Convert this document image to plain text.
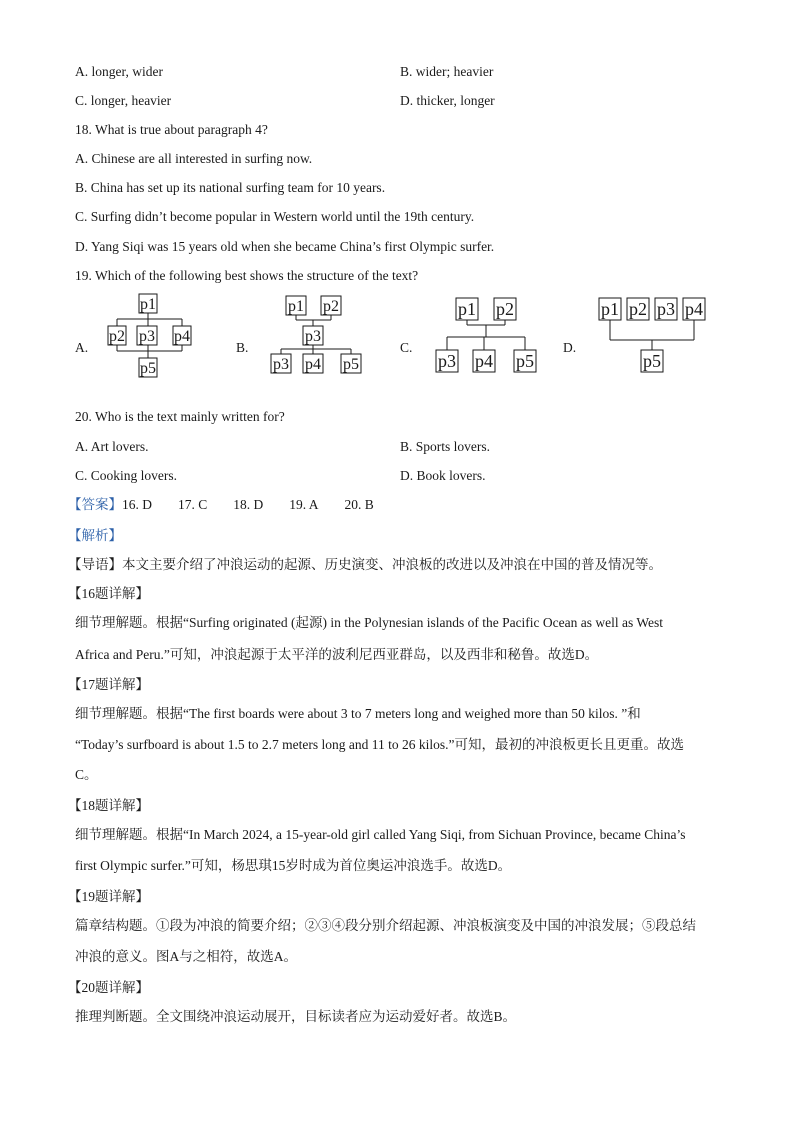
A. longer, wider	B. wider; heavier
C. longer, heavier	D. thicker, longer
18. What is true about paragraph 4?
A. Chinese are all interested in surfing now.
B. China has set up its national surfing team for 10 years.
C. Surfing didn’t become popular in Western world until the 19th century.
D. Yang Siqi was 15 years old when she became China’s first Olympic surfer.
19. Which of the following best shows the structure of the text?
A.	B.	C.	D.
p1
p2 p3 p4
p5
p1 p2
p3
p3 p4 p5
p1 p2
p3 p4 p5
p1 p2 p3 p4
p5
20. Who is the text mainly written for?
A. Art lovers.	B. Sports lovers.
C. Cooking lovers.	D. Book lovers.
【答案】16. D 17. C 18. D 19. A 20. B
【解析】
【导语】本文主要介绍了冲浪运动的起源、历史演变、冲浪板的改进以及冲浪在中国的普及情况等。
【16题详解】
细节理解题。根据“Surfing originated (起源) in the Polynesian islands of the Pacific Ocean as well as West
Africa and Peru.”可知，冲浪起源于太平洋的波利尼西亚群岛，以及西非和秘鲁。故选D。
【17题详解】
细节理解题。根据“The first boards were about 3 to 7 meters long and weighed more than 50 kilos. ”和
“Today’s surfboard is about 1.5 to 2.7 meters long and 11 to 26 kilos.”可知，最初的冲浪板更长且更重。故选
C。
【18题详解】
细节理解题。根据“In March 2024, a 15-year-old girl called Yang Siqi, from Sichuan Province, became China’s
first Olympic surfer.”可知，杨思琪15岁时成为首位奥运冲浪选手。故选D。
【19题详解】
篇章结构题。①段为冲浪的简要介绍；②③④段分别介绍起源、冲浪板演变及中国的冲浪发展；⑤段总结
冲浪的意义。图A与之相符，故选A。
【20题详解】
推理判断题。全文围绕冲浪运动展开，目标读者应为运动爱好者。故选B。
